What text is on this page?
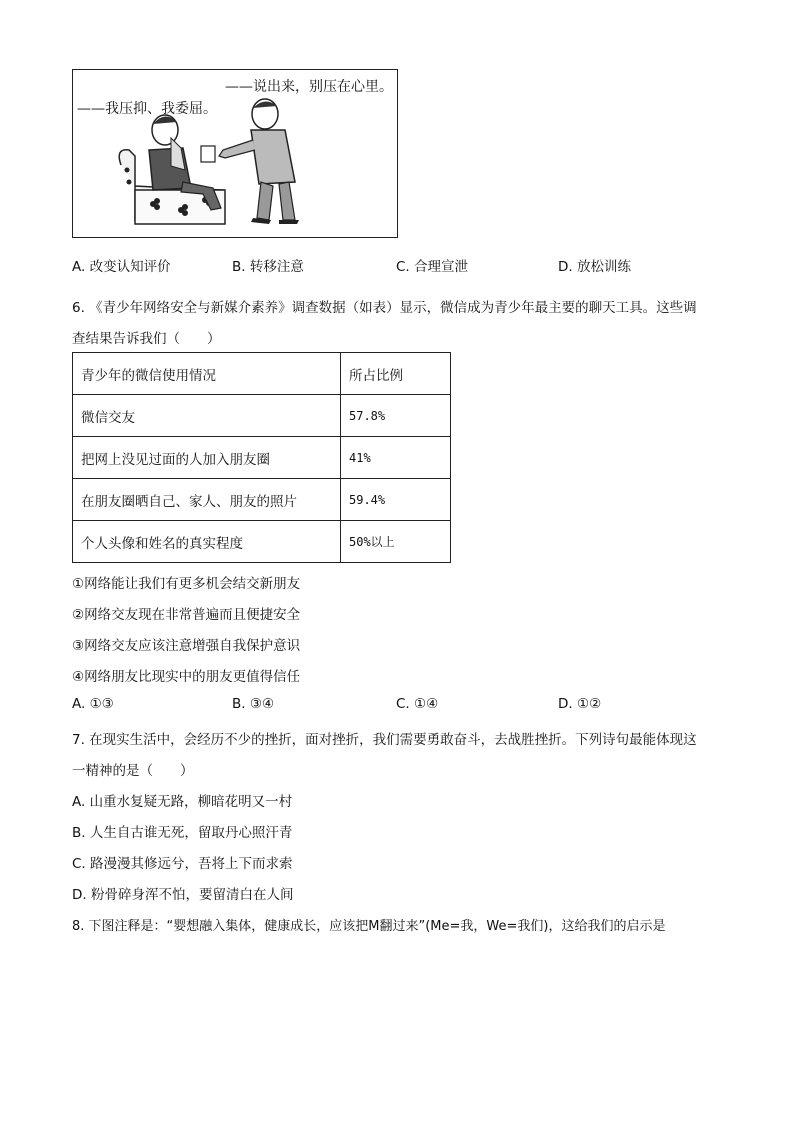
——说出来，别压在心里。
——我压抑、我委屈。
A. 改变认知评价	B. 转移注意	C. 合理宣泄	D. 放松训练
6. 《青少年网络安全与新媒介素养》调查数据（如表）显示，微信成为青少年最主要的聊天工具。这些调
查结果告诉我们（　　）
青少年的微信使用情况	所占比例
微信交友	57.8%
把网上没见过面的人加入朋友圈	41%
在朋友圈晒自己、家人、朋友的照片	59.4%
个人头像和姓名的真实程度	50%以上
①网络能让我们有更多机会结交新朋友
②网络交友现在非常普遍而且便捷安全
③网络交友应该注意增强自我保护意识
④网络朋友比现实中的朋友更值得信任
A. ①③	B. ③④	C. ①④	D. ①②
7. 在现实生活中，会经历不少的挫折，面对挫折，我们需要勇敢奋斗，去战胜挫折。下列诗句最能体现这
一精神的是（　　）
A. 山重水复疑无路，柳暗花明又一村
B. 人生自古谁无死，留取丹心照汗青
C. 路漫漫其修远兮，吾将上下而求索
D. 粉骨碎身浑不怕，要留清白在人间
8. 下图注释是：“婴想融入集体，健康成长，应该把M翻过来”(Me=我，We=我们)，这给我们的启示是
